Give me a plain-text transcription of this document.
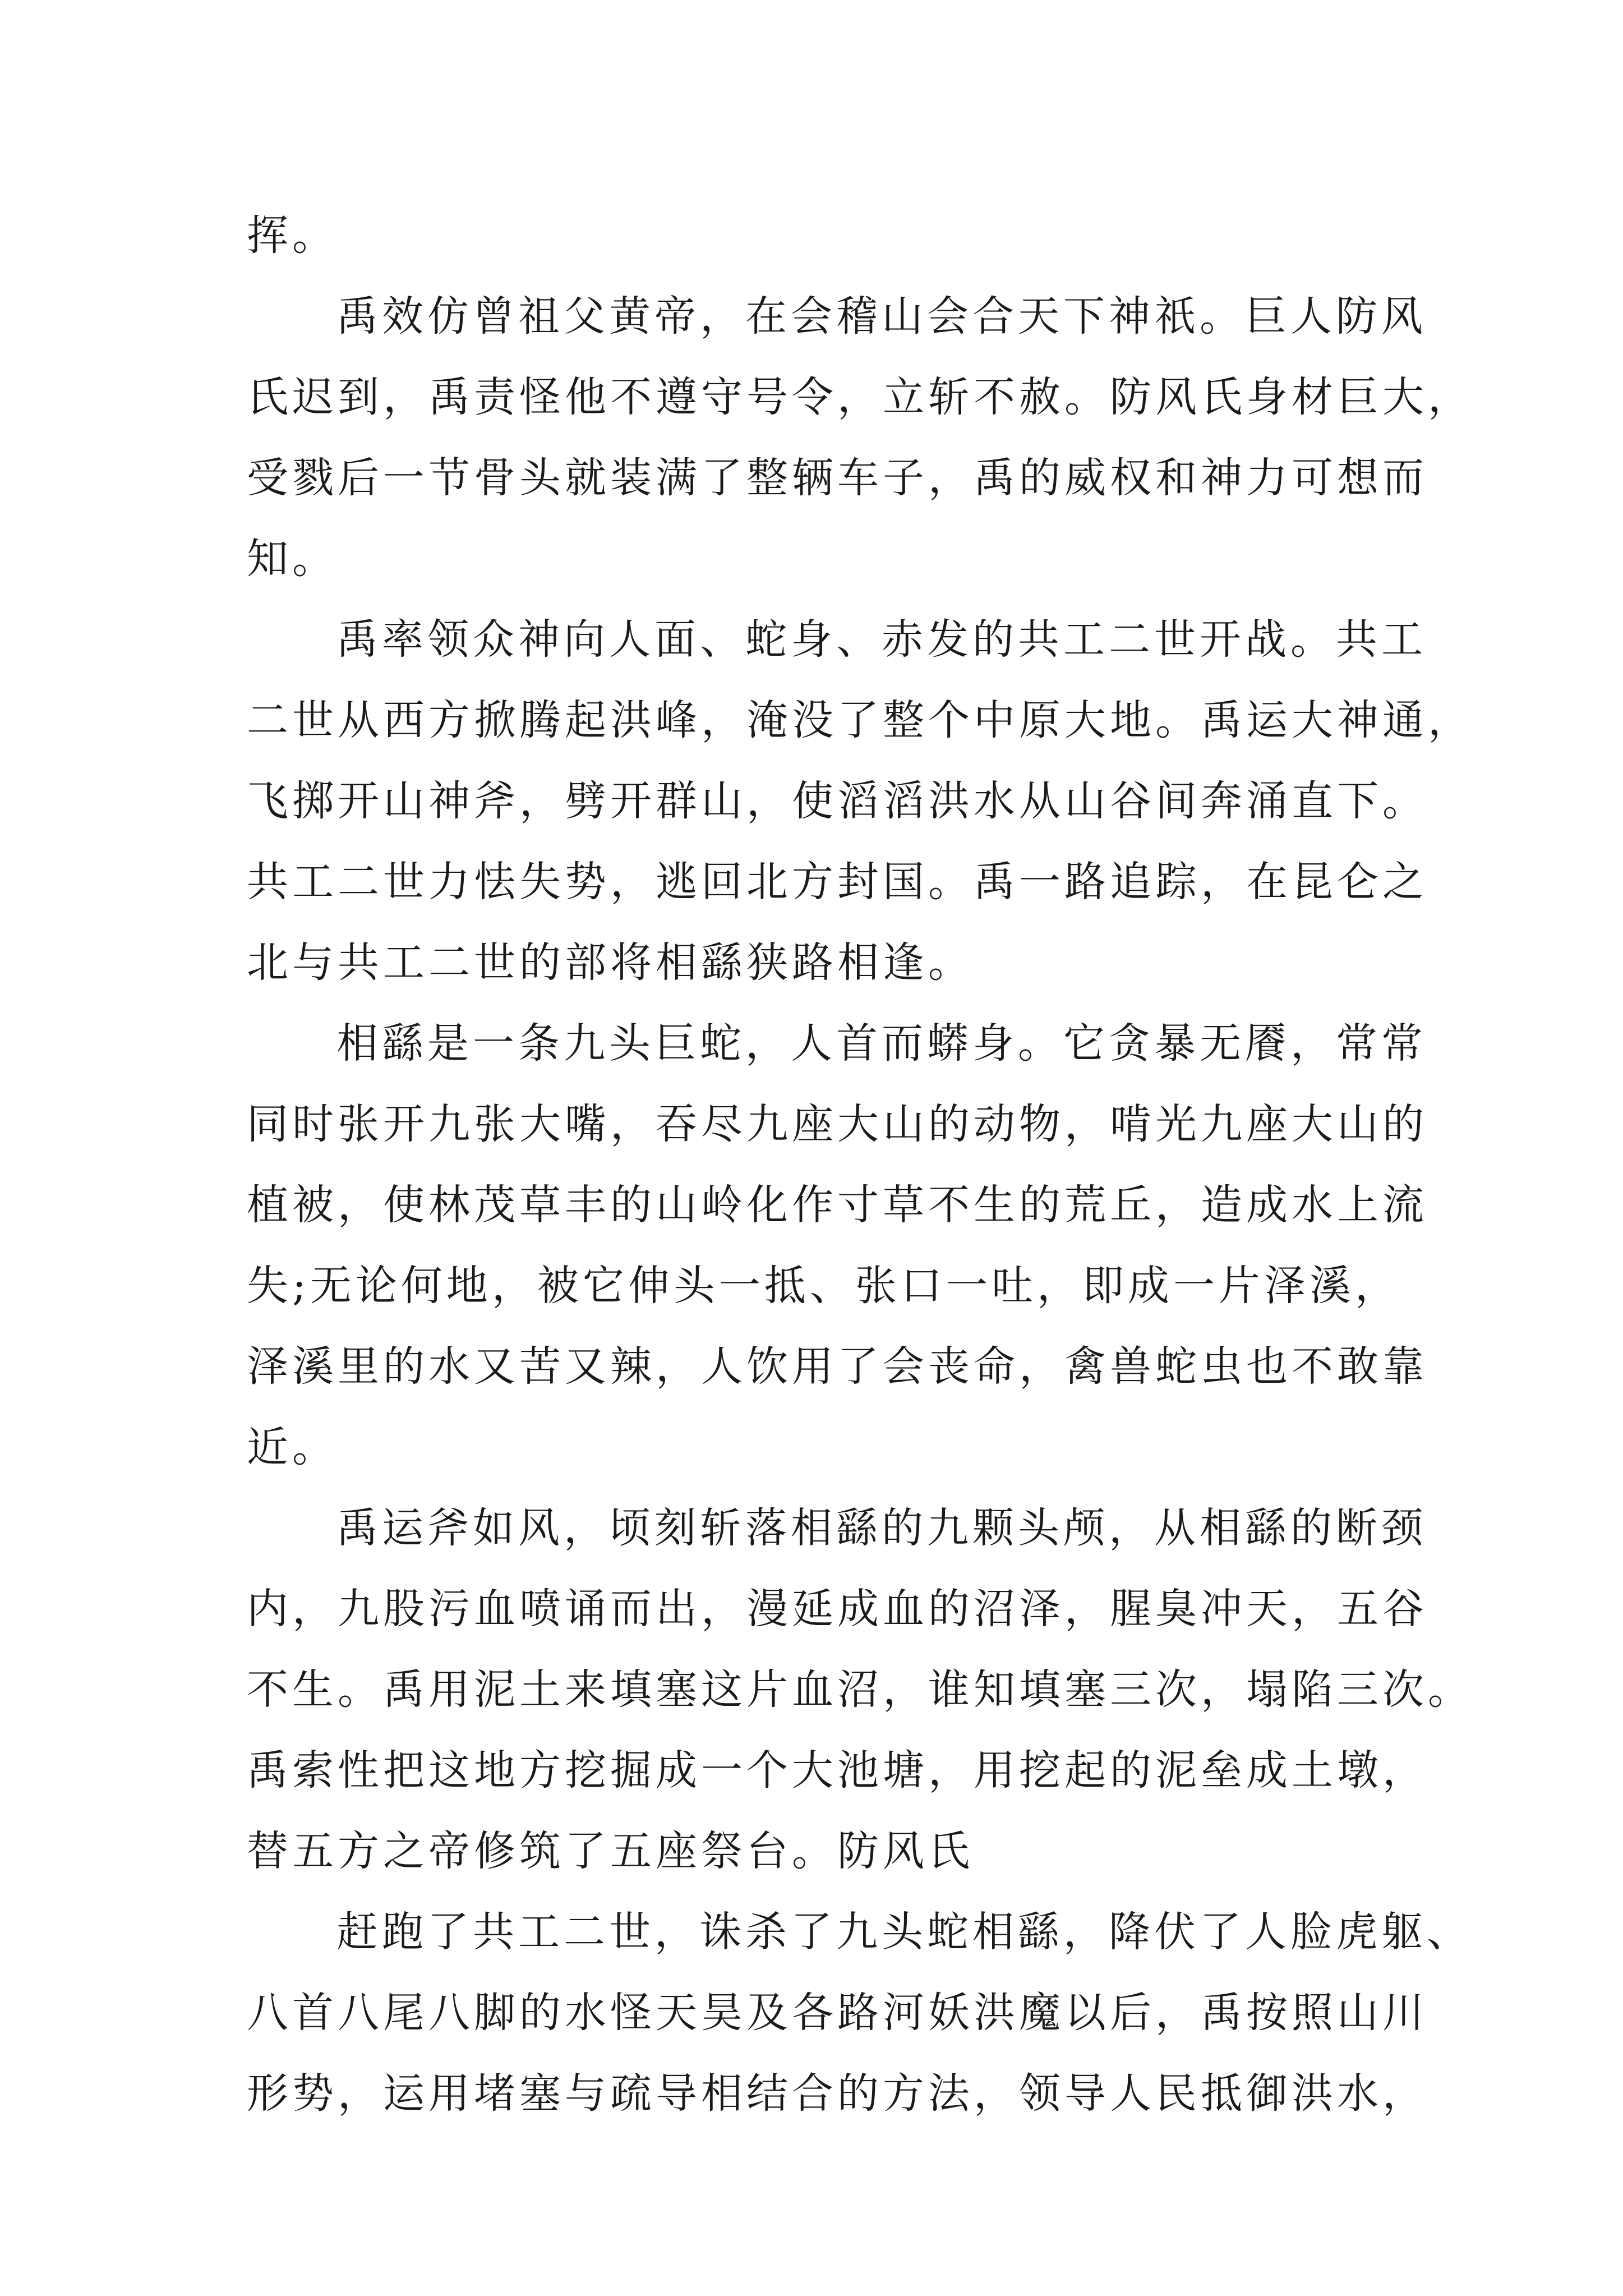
挥。

禹效仿曾祖父黄帝，在会稽山会合天下神祇。巨人防风

氏迟到，禹责怪他不遵守号令，立斩不赦。防风氏身材巨大，

受戮后一节骨头就装满了整辆车子，禹的威权和神力可想而

知。

禹率领众神向人面、蛇身、赤发的共工二世开战。共工

二世从西方掀腾起洪峰，淹没了整个中原大地。禹运大神通，

飞掷开山神斧，劈开群山，使滔滔洪水从山谷间奔涌直下。

共工二世力怯失势，逃回北方封国。禹一路追踪，在昆仑之

北与共工二世的部将相繇狭路相逢。

相繇是一条九头巨蛇，人首而蟒身。它贪暴无餍，常常

同时张开九张大嘴，吞尽九座大山的动物，啃光九座大山的

植被，使林茂草丰的山岭化作寸草不生的荒丘，造成水上流

失;无论何地，被它伸头一抵、张口一吐，即成一片泽溪，

泽溪里的水又苦又辣，人饮用了会丧命，禽兽蛇虫也不敢靠

近。

禹运斧如风，顷刻斩落相繇的九颗头颅，从相繇的断颈

内，九股污血喷诵而出，漫延成血的沼泽，腥臭冲天，五谷

不生。禹用泥土来填塞这片血沼，谁知填塞三次，塌陷三次。

禹索性把这地方挖掘成一个大池塘，用挖起的泥垒成土墩，

替五方之帝修筑了五座祭台。防风氏

赶跑了共工二世，诛杀了九头蛇相繇，降伏了人脸虎躯、

八首八尾八脚的水怪天昊及各路河妖洪魔以后，禹按照山川

形势，运用堵塞与疏导相结合的方法，领导人民抵御洪水，
